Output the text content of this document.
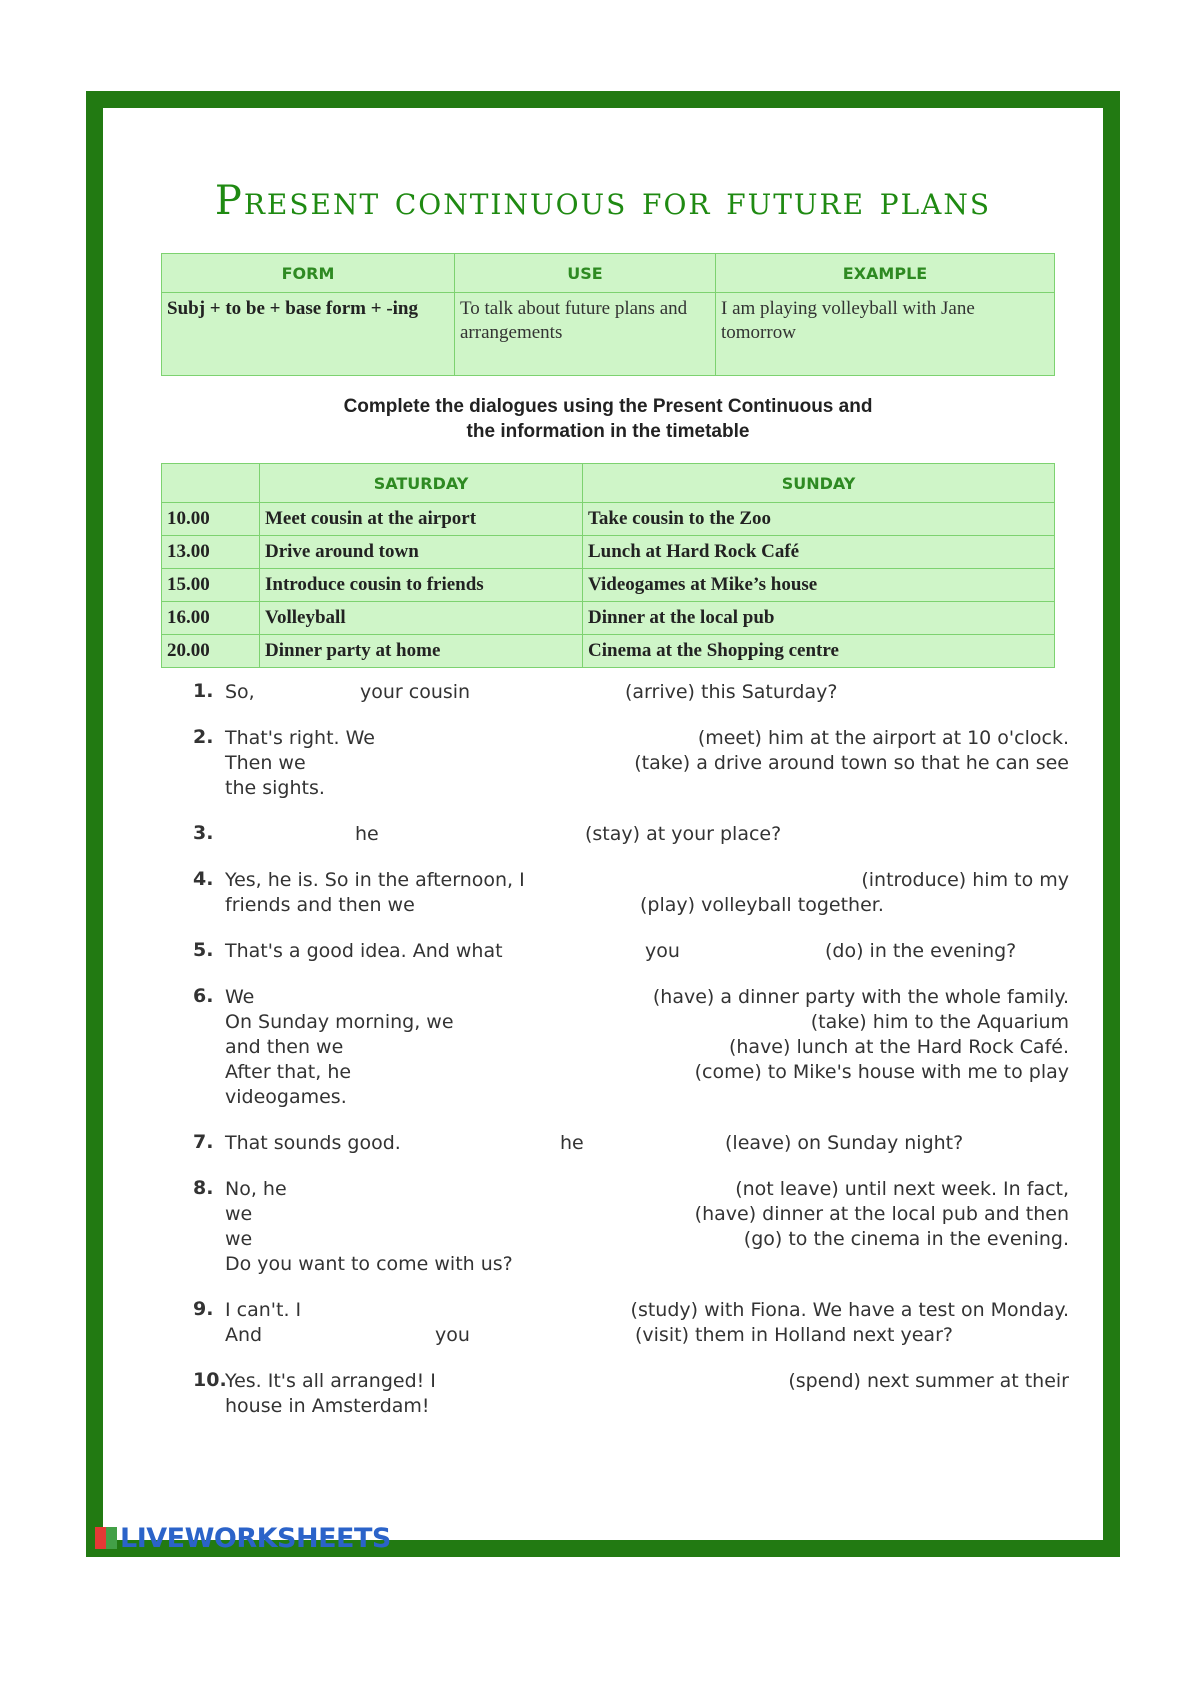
Present continuous for future plans
FORM	USE	EXAMPLE
Subj + to be + base form + -ing	To talk about future plans and arrangements	I am playing volleyball with Jane tomorrow
Complete the dialogues using the Present Continuous and
the information in the timetable
	SATURDAY	SUNDAY
10.00	Meet cousin at the airport	Take cousin to the Zoo
13.00	Drive around town	Lunch at Hard Rock Café
15.00	Introduce cousin to friends	Videogames at Mike’s house
16.00	Volleyball	Dinner at the local pub
20.00	Dinner party at home	Cinema at the Shopping centre
1. So,	your cousin	(arrive) this Saturday?
2. That's right. We	(meet) him at the airport at 10 o'clock.
Then we	(take) a drive around town so that he can see
the sights.
3.	he	(stay) at your place?
4. Yes, he is. So in the afternoon, I	(introduce) him to my
friends and then we	(play) volleyball together.
5. That's a good idea. And what	you	(do) in the evening?
6. We	(have) a dinner party with the whole family.
On Sunday morning, we	(take) him to the Aquarium
and then we	(have) lunch at the Hard Rock Café.
After that, he	(come) to Mike's house with me to play
videogames.
7. That sounds good.	he	(leave) on Sunday night?
8. No, he	(not leave) until next week. In fact,
we	(have) dinner at the local pub and then
we	(go) to the cinema in the evening.
Do you want to come with us?
9. I can't. I	(study) with Fiona. We have a test on Monday.
And	you	(visit) them in Holland next year?
10.
Yes. It's all arranged! I	(spend) next summer at their
house in Amsterdam!
LIVEWORKSHEETS
